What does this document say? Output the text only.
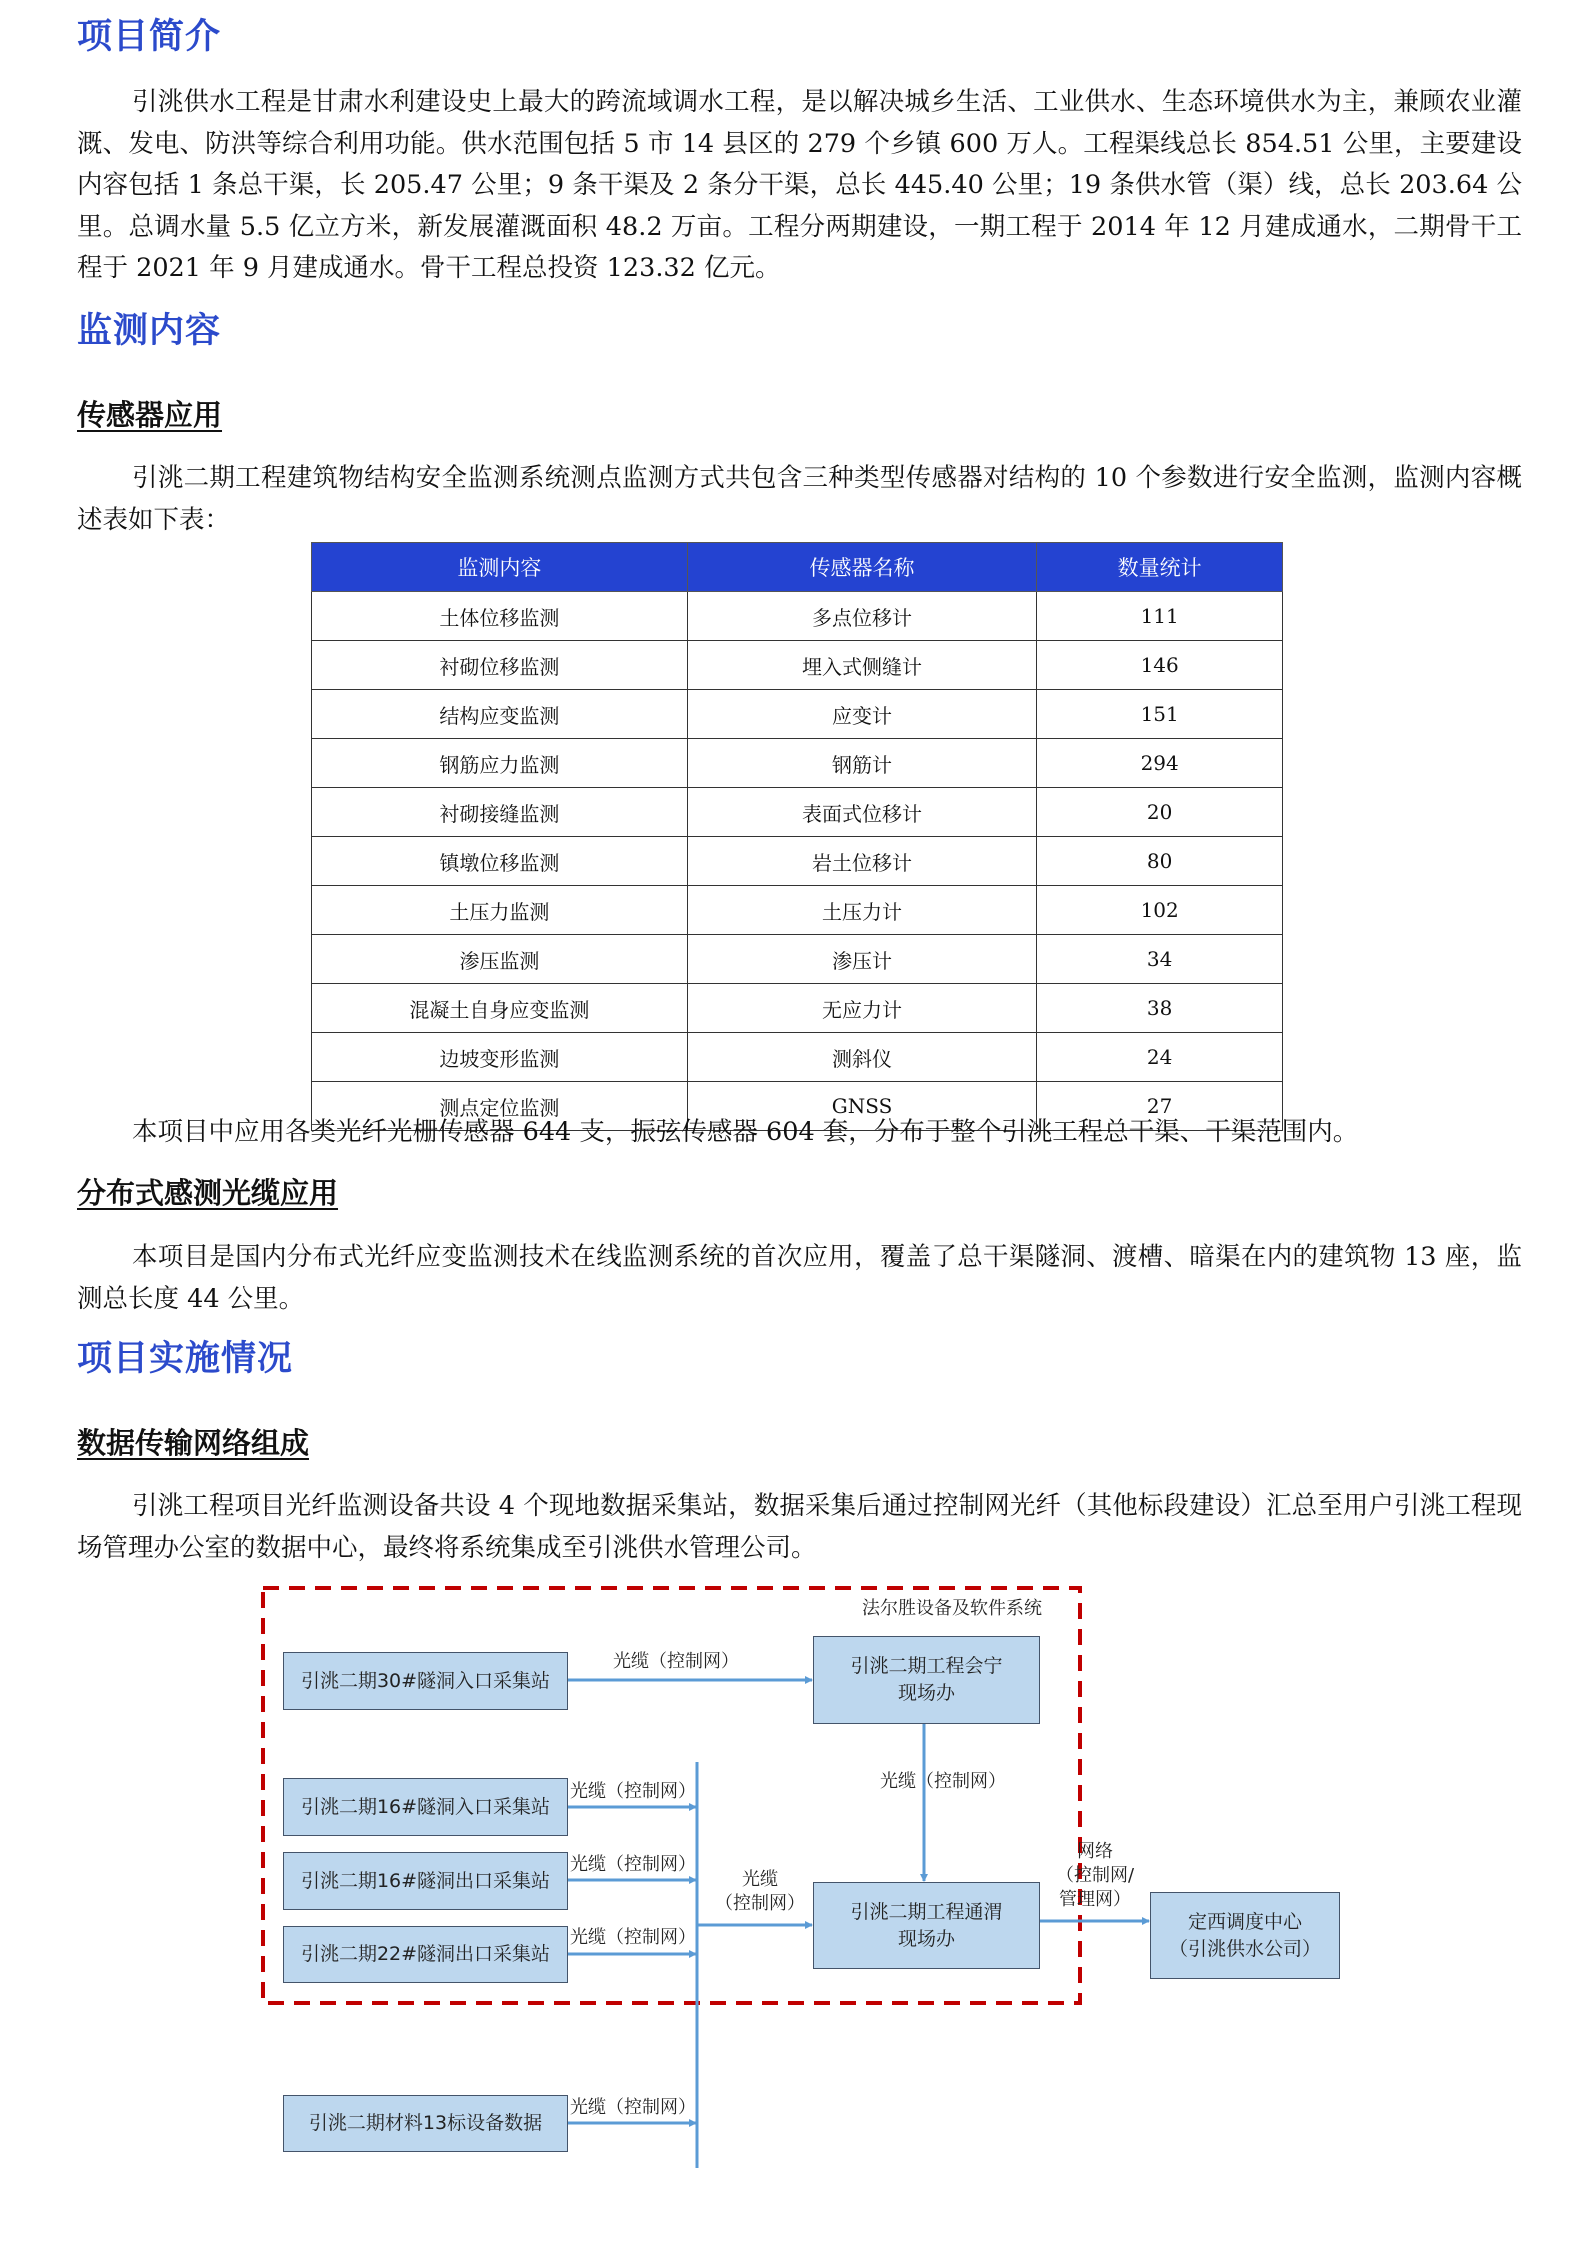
项目简介

引洮供水工程是甘肃水利建设史上最大的跨流域调水工程，是以解决城乡生活、工业供水、生态环境供水为主，兼顾农业灌溉、发电、防洪等综合利用功能。供水范围包括 5 市 14 县区的 279 个乡镇 600 万人。工程渠线总长 854.51 公里，主要建设内容包括 1 条总干渠，长 205.47 公里；9 条干渠及 2 条分干渠，总长 445.40 公里；19 条供水管（渠）线，总长 203.64 公里。总调水量 5.5 亿立方米，新发展灌溉面积 48.2 万亩。工程分两期建设，一期工程于 2014 年 12 月建成通水，二期骨干工程于 2021 年 9 月建成通水。骨干工程总投资 123.32 亿元。

监测内容
传感器应用

引洮二期工程建筑物结构安全监测系统测点监测方式共包含三种类型传感器对结构的 10 个参数进行安全监测，监测内容概述表如下表：

监测内容	传感器名称	数量统计
土体位移监测	多点位移计	111
衬砌位移监测	埋入式侧缝计	146
结构应变监测	应变计	151
钢筋应力监测	钢筋计	294
衬砌接缝监测	表面式位移计	20
镇墩位移监测	岩土位移计	80
土压力监测	土压力计	102
渗压监测	渗压计	34
混凝土自身应变监测	无应力计	38
边坡变形监测	测斜仪	24
测点定位监测	GNSS	27

本项目中应用各类光纤光栅传感器 644 支，振弦传感器 604 套，分布于整个引洮工程总干渠、干渠范围内。

分布式感测光缆应用

本项目是国内分布式光纤应变监测技术在线监测系统的首次应用，覆盖了总干渠隧洞、渡槽、暗渠在内的建筑物 13 座，监测总长度 44 公里。

项目实施情况
数据传输网络组成

引洮工程项目光纤监测设备共设 4 个现地数据采集站，数据采集后通过控制网光纤（其他标段建设）汇总至用户引洮工程现场管理办公室的数据中心，最终将系统集成至引洮供水管理公司。

法尔胜设备及软件系统
引洮二期30#隧洞入口采集站
引洮二期16#隧洞入口采集站
引洮二期16#隧洞出口采集站
引洮二期22#隧洞出口采集站
引洮二期材料13标设备数据
引洮二期工程会宁
现场办
引洮二期工程通渭
现场办
定西调度中心
（引洮供水公司）
光缆（控制网）
光缆（控制网）
光缆（控制网）
光缆（控制网）
光缆（控制网）
光缆（控制网）
光缆
（控制网）
网络
（控制网/
管理网）
